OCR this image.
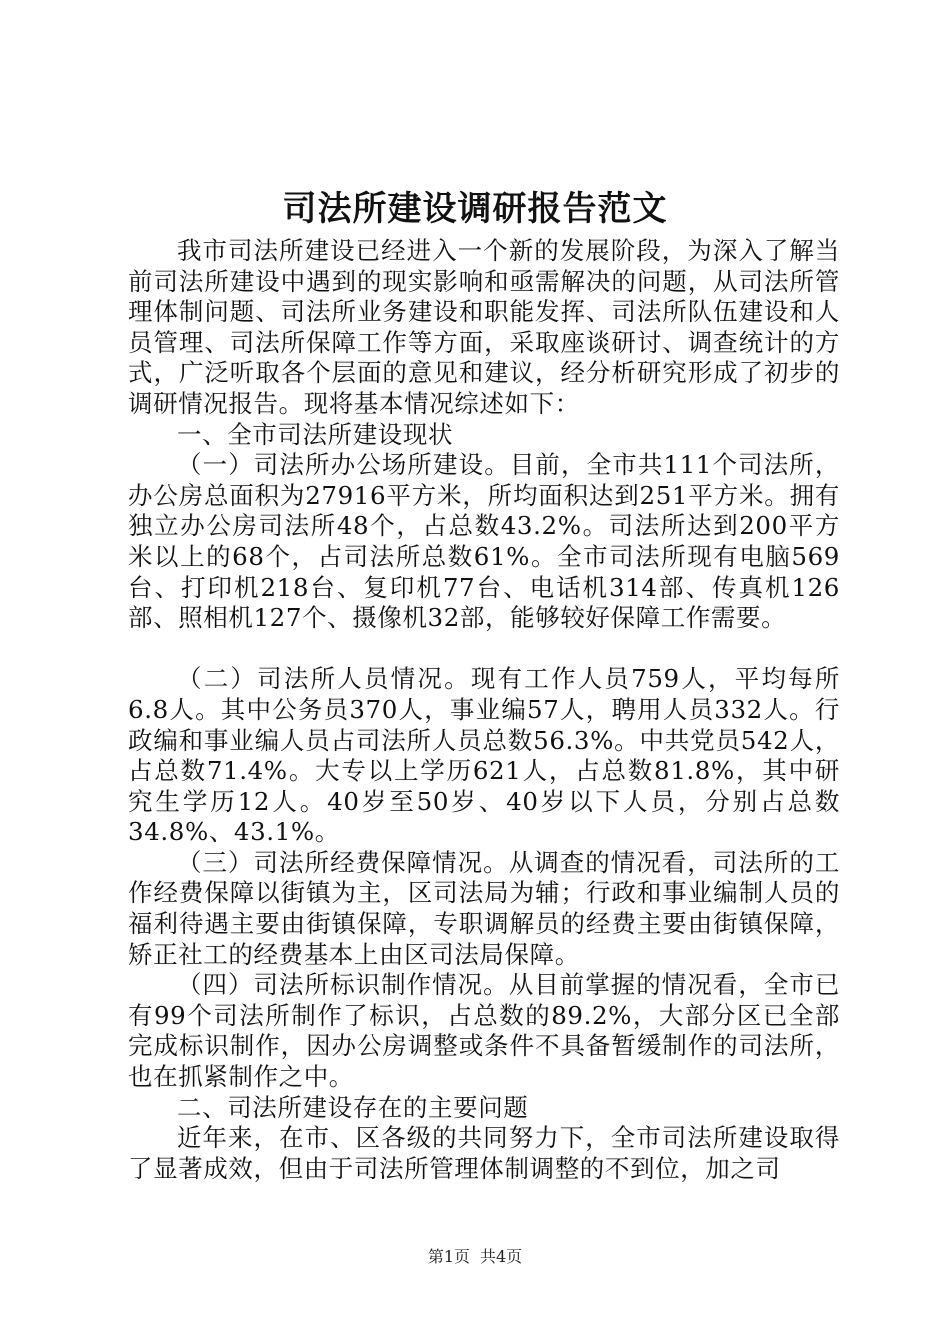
司法所建设调研报告范文

我市司法所建设已经进入一个新的发展阶段，为深入了解当前司法所建设中遇到的现实影响和亟需解决的问题，从司法所管理体制问题、司法所业务建设和职能发挥、司法所队伍建设和人员管理、司法所保障工作等方面，采取座谈研讨、调查统计的方式，广泛听取各个层面的意见和建议，经分析研究形成了初步的调研情况报告。现将基本情况综述如下：

一、全市司法所建设现状

（一）司法所办公场所建设。目前，全市共111个司法所，办公房总面积为27916平方米，所均面积达到251平方米。拥有独立办公房司法所48个，占总数43.2%。司法所达到200平方米以上的68个，占司法所总数61%。全市司法所现有电脑569台、打印机218台、复印机77台、电话机314部、传真机126部、照相机127个、摄像机32部，能够较好保障工作需要。

（二）司法所人员情况。现有工作人员759人，平均每所6.8人。其中公务员370人，事业编57人，聘用人员332人。行政编和事业编人员占司法所人员总数56.3%。中共党员542人，占总数71.4%。大专以上学历621人，占总数81.8%，其中研究生学历12人。40岁至50岁、40岁以下人员，分别占总数34.8%、43.1%。

（三）司法所经费保障情况。从调查的情况看，司法所的工作经费保障以街镇为主，区司法局为辅；行政和事业编制人员的福利待遇主要由街镇保障，专职调解员的经费主要由街镇保障，矫正社工的经费基本上由区司法局保障。

（四）司法所标识制作情况。从目前掌握的情况看，全市已有99个司法所制作了标识，占总数的89.2%，大部分区已全部完成标识制作，因办公房调整或条件不具备暂缓制作的司法所，也在抓紧制作之中。

二、司法所建设存在的主要问题

近年来，在市、区各级的共同努力下，全市司法所建设取得了显著成效，但由于司法所管理体制调整的不到位，加之司

第1页 共4页
